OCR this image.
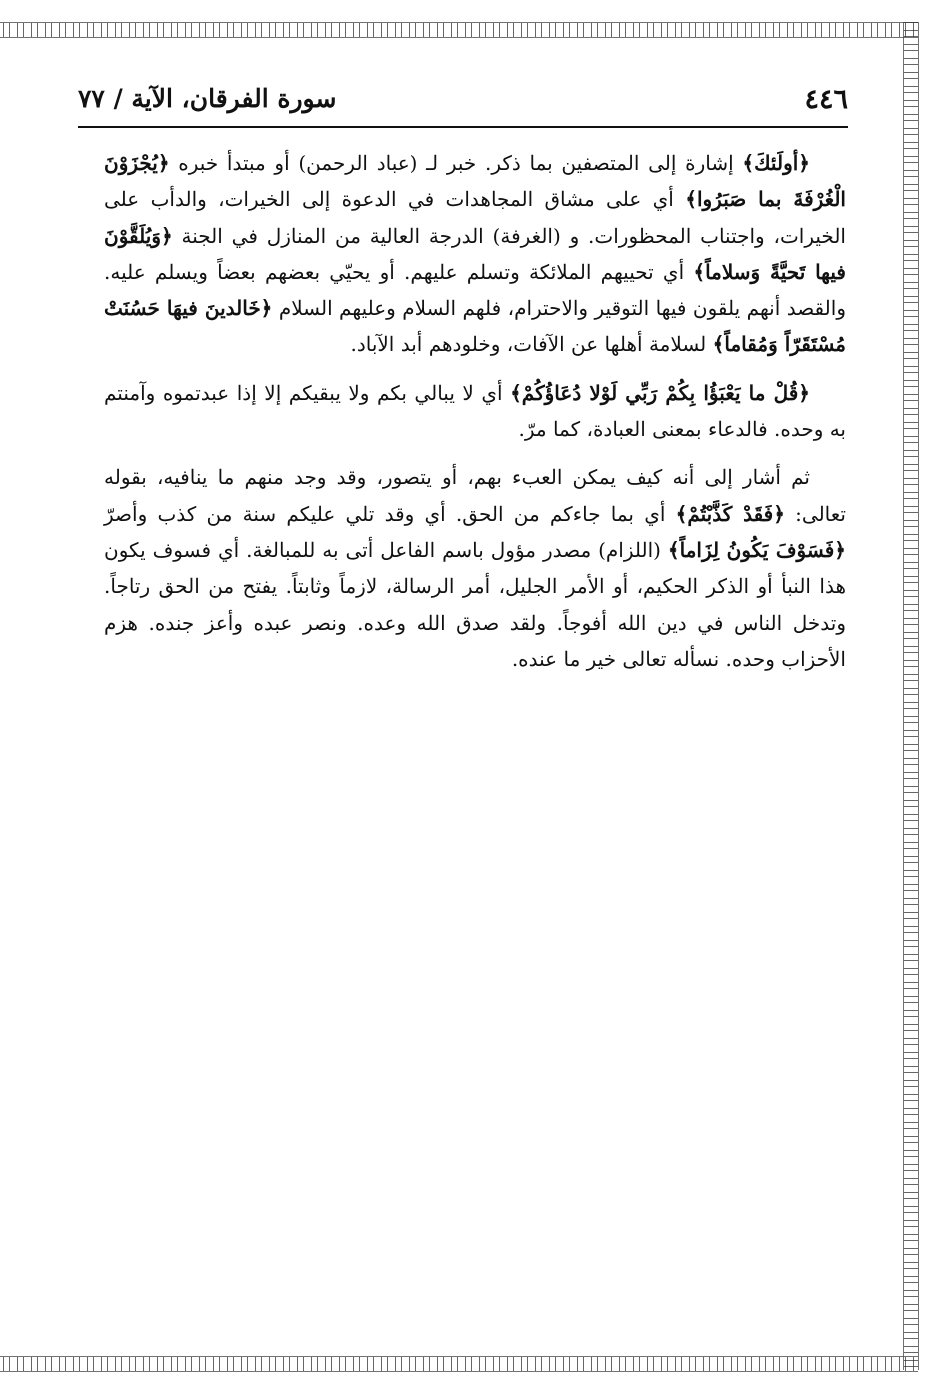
٤٤٦
سورة الفرقان، الآية / ٧٧

﴿أولَئكَ﴾ إشارة إلى المتصفين بما ذكر. خبر لـ (عباد الرحمن) أو مبتدأ خبره ﴿يُجْزَوْنَ الْغُرْفَةَ بما صَبَرُوا﴾ أي على مشاق المجاهدات في الدعوة إلى الخيرات، والدأب على الخيرات، واجتناب المحظورات. و (الغرفة) الدرجة العالية من المنازل في الجنة ﴿وَيُلَقَّوْنَ فيها تَحيَّةً وَسلاماً﴾ أي تحييهم الملائكة وتسلم عليهم. أو يحيّي بعضهم بعضاً ويسلم عليه. والقصد أنهم يلقون فيها التوقير والاحترام، فلهم السلام وعليهم السلام ﴿خَالدينَ فيهَا حَسُنَتْ مُسْتَقَرّاً وَمُقاماً﴾ لسلامة أهلها عن الآفات، وخلودهم أبد الآباد.

﴿قُلْ ما يَعْبَؤُا بِكُمْ رَبِّي لَوْلا دُعَاؤُكُمْ﴾ أي لا يبالي بكم ولا يبقيكم إلا إذا عبدتموه وآمنتم به وحده. فالدعاء بمعنى العبادة، كما مرّ.

ثم أشار إلى أنه كيف يمكن العبء بهم، أو يتصور، وقد وجد منهم ما ينافيه، بقوله تعالى: ﴿فَقَدْ كَذَّبْتُمْ﴾ أي بما جاءكم من الحق. أي وقد تلي عليكم سنة من كذب وأصرّ ﴿فَسَوْفَ يَكُونُ لِزَاماً﴾ (اللزام) مصدر مؤول باسم الفاعل أتى به للمبالغة. أي فسوف يكون هذا النبأ أو الذكر الحكيم، أو الأمر الجليل، أمر الرسالة، لازماً وثابتاً. يفتح من الحق رتاجاً. وتدخل الناس في دين الله أفوجاً. ولقد صدق الله وعده. ونصر عبده وأعز جنده. هزم الأحزاب وحده. نسأله تعالى خير ما عنده.
